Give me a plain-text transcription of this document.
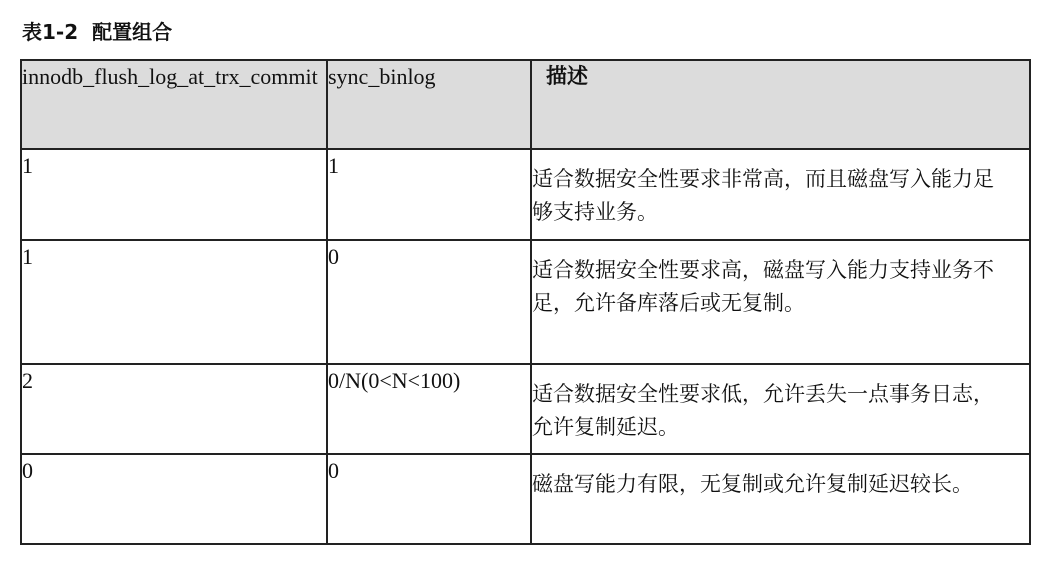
表1-2 配置组合
innodb_flush_log_at_trx_commit	sync_binlog	描述
1	1	适合数据安全性要求非常高，而且磁盘写入能力足够支持业务。
1	0	适合数据安全性要求高，磁盘写入能力支持业务不足，允许备库落后或无复制。
2	0/N(0<N<100)	适合数据安全性要求低，允许丢失一点事务日志，允许复制延迟。
0	0	磁盘写能力有限，无复制或允许复制延迟较长。
